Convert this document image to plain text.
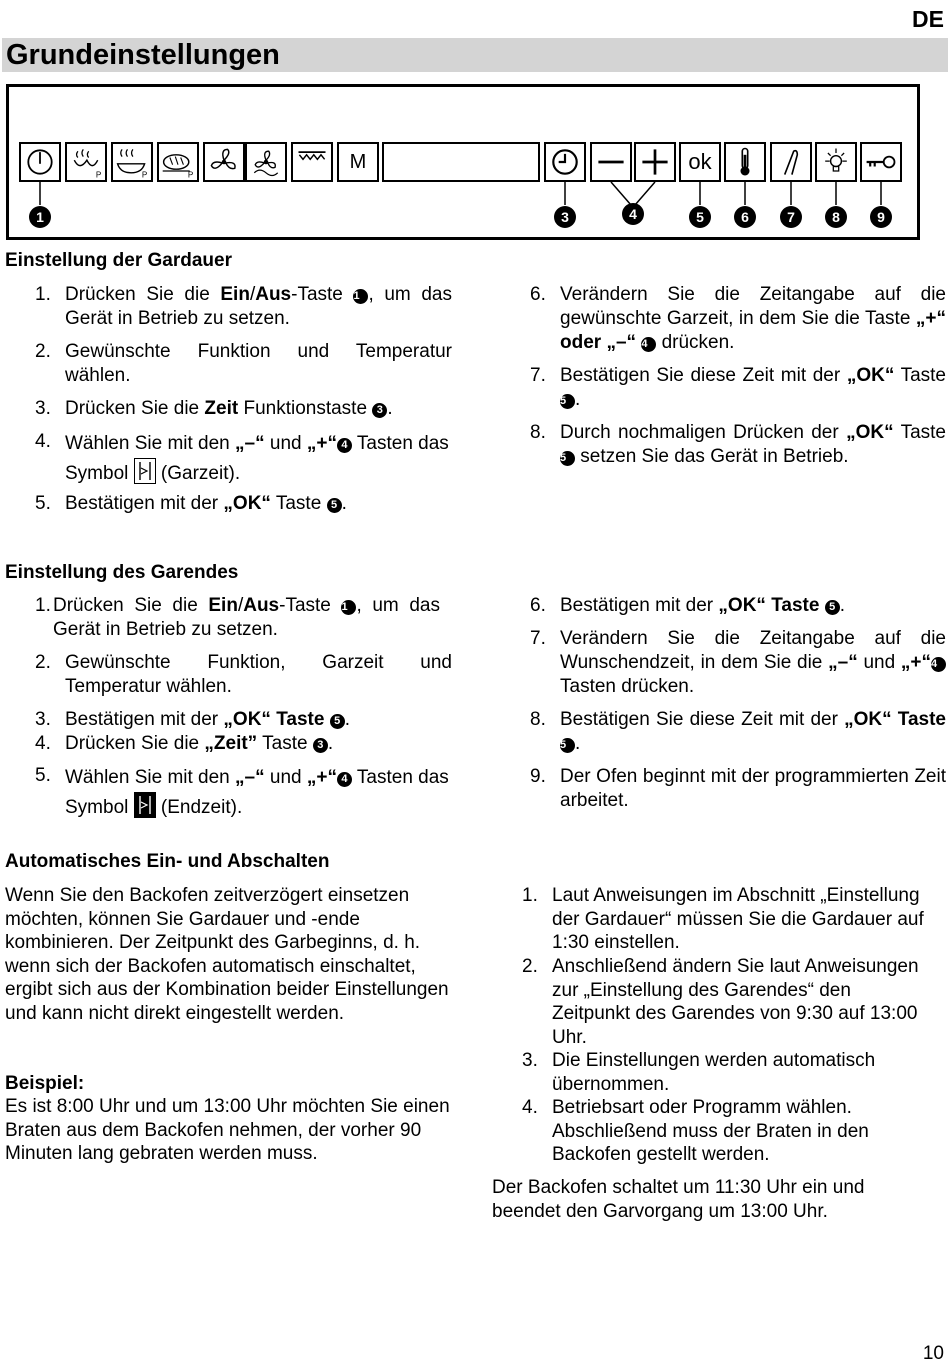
DE
Grundeinstellungen
P	P	P
M	ok
1	3	4	5	6	7	8	9
Einstellung der Gardauer
1. Drücken Sie die Ein/Aus-Taste 1 , um das Gerät in Betrieb zu setzen.
2. Gewünschte Funktion und Temperatur wählen.
3. Drücken Sie die Zeit Funktionstaste 3 .
4. Wählen Sie mit den „–“ und „+“ 4 Tasten das Symbol  (Garzeit).
5. Bestätigen mit der „OK“ Taste 5 .
6. Verändern Sie die Zeitangabe auf die gewünschte Garzeit, in dem Sie die Taste „+“ oder „–“ 4 drücken.
7. Bestätigen Sie diese Zeit mit der „OK“ Taste 5 .
8. Durch nochmaligen Drücken der „OK“ Taste 5 setzen Sie das Gerät in Betrieb.
Einstellung des Garendes
1. Drücken Sie die Ein/Aus-Taste 1 , um das Gerät in Betrieb zu setzen.
2. Gewünschte Funktion, Garzeit und Temperatur wählen.
3. Bestätigen mit der „OK“ Taste 5 .
4. Drücken Sie die „Zeit” Taste 3 .
5. Wählen Sie mit den „–“ und „+“ 4 Tasten das Symbol  (Endzeit).
6. Bestätigen mit der „OK“ Taste 5 .
7. Verändern Sie die Zeitangabe auf die Wunschendzeit, in dem Sie die „–“ und „+“4 Tasten drücken.
8. Bestätigen Sie diese Zeit mit der „OK“ Taste 5 .
9. Der Ofen beginnt mit der programmierten Zeit arbeitet.
Automatisches Ein- und Abschalten

Wenn Sie den Backofen zeitverzögert einsetzen möchten, können Sie Gardauer und -ende kombinieren. Der Zeitpunkt des Garbeginns, d. h. wenn sich der Backofen automatisch einschaltet, ergibt sich aus der Kombination beider Einstellungen und kann nicht direkt eingestellt werden.

Beispiel:

Es ist 8:00 Uhr und um 13:00 Uhr möchten Sie einen Braten aus dem Backofen nehmen, der vorher 90 Minuten lang gebraten werden muss.

1. Laut Anweisungen im Abschnitt „Einstellung der Gardauer“ müssen Sie die Gardauer auf 1:30 einstellen.
2. Anschließend ändern Sie laut Anweisungen zur „Einstellung des Garendes“ den Zeitpunkt des Garendes von 9:30 auf 13:00 Uhr.
3. Die Einstellungen werden automatisch übernommen.
4. Betriebsart oder Programm wählen. Abschließend muss der Braten in den Backofen gestellt werden.

Der Backofen schaltet um 11:30 Uhr ein und beendet den Garvorgang um 13:00 Uhr.

10
